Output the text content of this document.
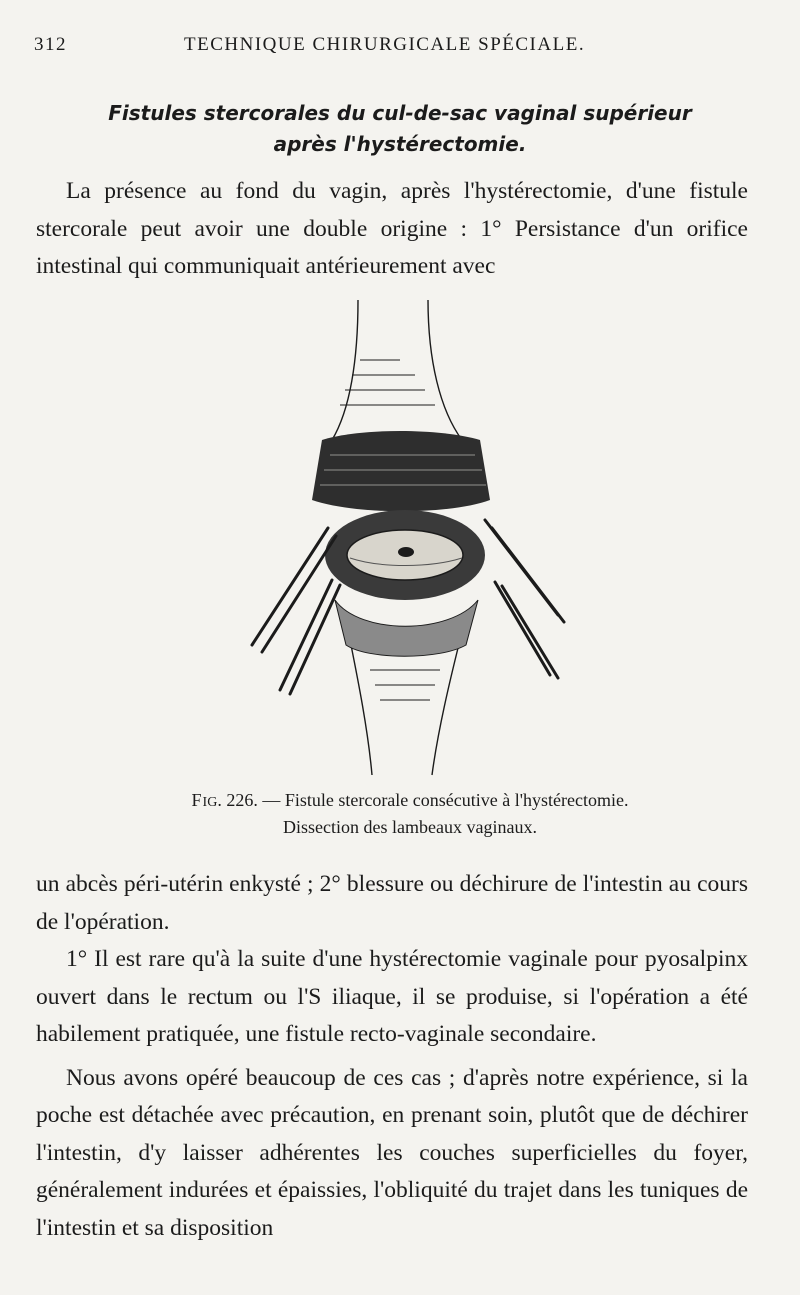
312	TECHNIQUE CHIRURGICALE SPÉCIALE.
Fistules stercorales du cul-de-sac vaginal supérieur
après l'hystérectomie.

La présence au fond du vagin, après l'hystérectomie, d'une fistule stercorale peut avoir une double origine : 1° Persistance d'un orifice intestinal qui communiquait antérieurement avec

FIG. 226. — Fistule stercorale consécutive à l'hystérectomie.
Dissection des lambeaux vaginaux.

un abcès péri-utérin enkysté ; 2° blessure ou déchirure de l'intestin au cours de l'opération.

1° Il est rare qu'à la suite d'une hystérectomie vaginale pour pyosalpinx ouvert dans le rectum ou l'S iliaque, il se produise, si l'opération a été habilement pratiquée, une fistule recto-vaginale secondaire.

Nous avons opéré beaucoup de ces cas ; d'après notre expérience, si la poche est détachée avec précaution, en prenant soin, plutôt que de déchirer l'intestin, d'y laisser adhérentes les couches superficielles du foyer, généralement indurées et épaissies, l'obliquité du trajet dans les tuniques de l'intestin et sa disposition
